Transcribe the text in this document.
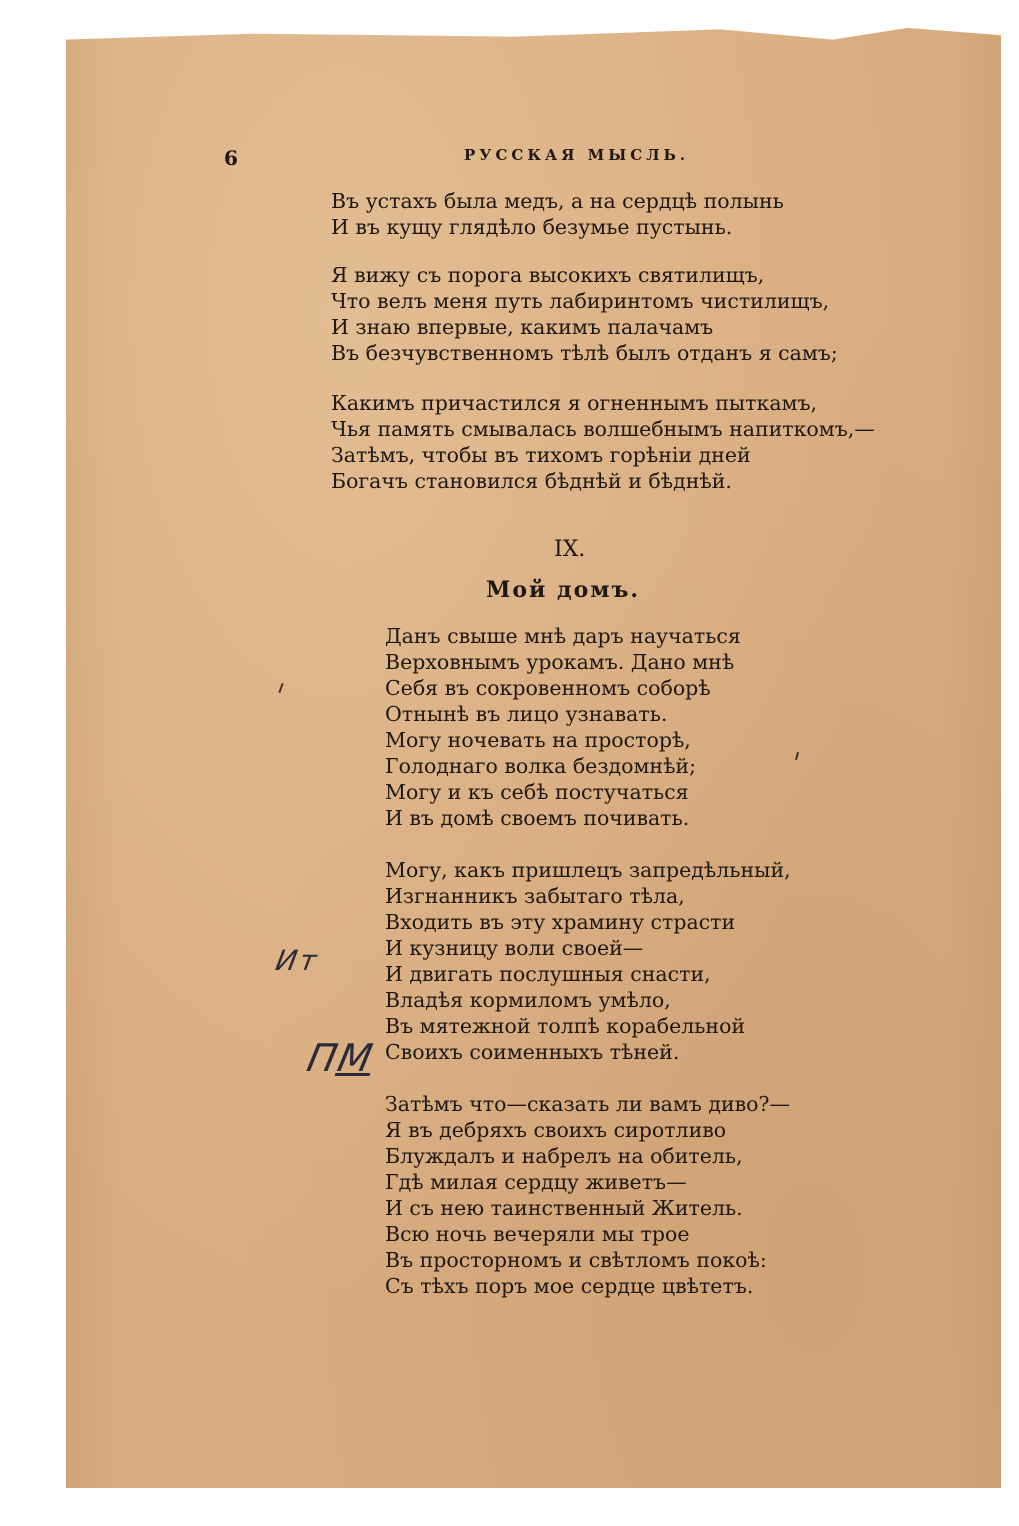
6	РУССКАЯ МЫСЛЬ.
Въ устахъ была медъ, а на сердцѣ полынь
И въ кущу глядѣло безумье пустынь.
Я вижу съ порога высокихъ святилищъ,
Что велъ меня путь лабиринтомъ чистилищъ,
И знаю впервые, какимъ палачамъ
Въ безчувственномъ тѣлѣ былъ отданъ я самъ;
Какимъ причастился я огненнымъ пыткамъ,
Чья память смывалась волшебнымъ напиткомъ,—
Затѣмъ, чтобы въ тихомъ горѣніи дней
Богачъ становился бѣднѣй и бѣднѣй.
IX.
Мой домъ.
Данъ свыше мнѣ даръ научаться
Верховнымъ урокамъ. Дано мнѣ
Себя въ сокровенномъ соборѣ
Отнынѣ въ лицо узнавать.
Могу ночевать на просторѣ,
Голоднаго волка бездомнѣй;
Могу и къ себѣ постучаться
И въ домѣ своемъ почивать.
Могу, какъ пришлецъ запредѣльный,
Изгнанникъ забытаго тѣла,
Входить въ эту храмину страсти
И кузницу воли своей—
И двигать послушныя снасти,
Владѣя кормиломъ умѣло,
Въ мятежной толпѣ корабельной
Своихъ соименныхъ тѣней.
Затѣмъ что—сказать ли вамъ диво?—
Я въ дебряхъ своихъ сиротливо
Блуждалъ и набрелъ на обитель,
Гдѣ милая сердцу живетъ—
И съ нею таинственный Житель.
Всю ночь вечеряли мы трое
Въ просторномъ и свѣтломъ покоѣ:
Съ тѣхъ поръ мое сердце цвѣтетъ.
Ит
ПМ
